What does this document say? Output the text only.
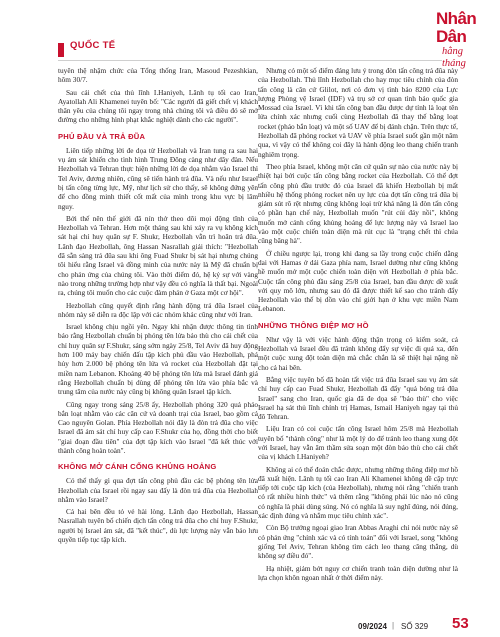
QUỐC TẾ

Nhân Dân
hằng tháng

tuyên thệ nhậm chức của Tổng thống Iran, Masoud Pezeshkian, hôm 30/7.

Sau cái chết của thủ lĩnh I.Haniyeh, Lãnh tụ tối cao Iran, Ayatollah Ali Khamenei tuyên bố: "Các người đã giết chết vị khách thân yêu của chúng tôi ngay trong nhà chúng tôi và điều đó sẽ mở đường cho những hình phạt khắc nghiệt dành cho các người".

PHỦ ĐẦU VÀ TRẢ ĐŨA

Liên tiếp những lời đe dọa từ Hezbollah và Iran tung ra sau hai vụ ám sát khiến cho tình hình Trung Đông càng như dây đàn. Nếu Hezbollah và Tehran thực hiện những lời đe dọa nhằm vào Israel thì Tel Aviv, đương nhiên, cũng sẽ tiến hành trả đũa. Và nếu như Israel bị tấn công từng lực, Mỹ, như lịch sử cho thấy, sẽ không đứng yên để cho đồng minh thiết cốt mất của mình trong khu vực bị lâm nguy.

Bởi thế nên thế giới đã nín thở theo dõi mọi động tĩnh của Hezbollah và Tehran. Hơn một tháng sau khi xảy ra vụ không kích sát hại chỉ huy quân sự F. Shukr, Hezbollah vẫn trì hoãn trả đũa. Lãnh đạo Hezbollah, ông Hassan Nasrallah giải thích: "Hezbollah đã sẵn sàng trả đũa sau khi ông Fuad Shukr bị sát hại nhưng chúng tôi hiểu rằng Israel và đồng minh của nước này là Mỹ đã chuẩn bị cho phản ứng của chúng tôi. Vào thời điểm đó, hệ kỷ sự với vàng nào trong những trường hợp như vậy đều có nghĩa là thất bại. Ngoài ra, chúng tôi muốn cho các cuộc đàm phán ở Gaza một cơ hội".

Hezbollah cũng quyết định rằng hành động trả đũa Israel của nhóm này sẽ diễn ra độc lập với các nhóm khác cũng như với Iran.

Israel không chịu ngồi yên. Ngay khi nhận được thông tin tình báo rằng Hezbollah chuẩn bị phóng tên lửa bảo thù cho cái chết của chỉ huy quân sự F.Shukr, sáng sớm ngày 25/8, Tel Aviv đã huy động hơn 100 máy bay chiến đấu tập kích phủ đầu vào Hezbollah, phá hủy hơn 2.000 bệ phóng tên lửa và rocket của Hezbollah đặt tại miền nam Lebanon. Khoảng 40 bệ phóng tên lửa mà Israel đánh giá rằng Hezbollah chuẩn bị dùng để phóng tên lửa vào phía bắc và trung tâm của nước này cũng bị không quân Israel tập kích.

Cũng ngay trong sáng 25/8 ấy, Hezbollah phóng 320 quả pháo bắn loạt nhằm vào các căn cứ và doanh trại của Israel, bao gồm cả Cao nguyên Golan. Phía Hezbollah nói đây là đòn trả đũa cho việc Israel đã ám sát chỉ huy cấp cao F.Shukr của họ, đồng thời cho biết "giai đoạn đầu tiên" của đợt tập kích vào Israel "đã kết thúc với thành công hoàn toàn".

KHÔNG MỞ CÁNH CỔNG KHỦNG HOẢNG

Có thể thấy gì qua đợt tấn công phủ đầu các bệ phóng tên lửa Hezbollah của Israel rồi ngay sau đấy là đòn trả đũa của Hezbollah nhằm vào Israel?

Cả hai bên đều tỏ vẻ hài lòng. Lãnh đạo Hezbollah, Hassan Nasrallah tuyên bố chiến dịch tấn công trả đũa cho chỉ huy F.Shukr, người bị Israel ám sát, đã "kết thúc", dù lực lượng này vẫn bảo lưu quyền tiếp tục tập kích.

Nhưng có một số điểm đáng lưu ý trong đòn tấn công trả đũa này của Hezbollah. Thủ lĩnh Hezbollah cho hay mục tiêu chính của đòn tấn công là căn cứ Glilot, nơi có đơn vị tình báo 8200 của Lực lượng Phòng vệ Israel (IDF) và trụ sở cơ quan tình báo quốc gia Mossad của Israel. Vì khi tấn công ban đầu được dự tính là loạt tên lửa chính xác nhưng cuối cùng Hezbollah đã thay thế bằng loạt rocket (pháo bắn loạt) và một số UAV để bị đánh chặn. Trên thực tế, Hezbollah đã phóng rocket và UAV về phía Israel suốt gần một năm qua, vì vậy có thể không coi đây là hành động leo thang chiến tranh nghiêm trọng.

Theo phía Israel, không một căn cứ quân sự nào của nước này bị thiệt hại bởi cuộc tấn công bằng rocket của Hezbollah. Có thể đợt tấn công phủ đầu trước đó của Israel đã khiến Hezbollah bị mất nhiều hệ thống phóng rocket nên uy lực của đợt tấn công trả đũa bị giảm sút rõ rệt nhưng cũng không loại trừ khả năng là đòn tấn công có phần hạn chế này, Hezbollah muốn "rút củi đáy nồi", không muốn mở cánh cổng khủng hoảng để lực lượng này và Israel lao vào một cuộc chiến toàn diện mà rút cục là "trạng chết thì chúa cũng băng hà".

Ở chiều ngược lại, trong khi đang sa lầy trong cuộc chiến dằng dai với Hamas ở dải Gaza phía nam, Israel dường như cũng không hề muốn mở một cuộc chiến toàn diện với Hezbollah ở phía bắc. Cuộc tấn công phủ đầu sáng 25/8 của Israel, ban đầu được dề xuất với quy mô lớn, nhưng sau đó đã được thiết kế sao cho tránh đẩy Hezbollah vào thế bị dồn vào chỉ giới hạn ở khu vực miền Nam Lebanon.

NHỮNG THÔNG ĐIỆP MƠ HỒ

Như vậy là với việc hành động thận trọng có kiểm soát, cả Hezbollah và Israel đều đã tránh không đẩy sự việc đi quá xa, đến một cuộc xung đột toàn diện mà chắc chắn là sẽ thiệt hại nặng nề cho cả hai bên.

Bằng việc tuyên bố đã hoàn tất việc trả đũa Israel sau vụ ám sát chỉ huy cấp cao Fuad Shukr, Hezbollah đã đẩy "quả bóng trả đũa Israel" sang cho Iran, quốc gia đã đe dọa sẽ "báo thù" cho việc Israel hạ sát thủ lĩnh chính trị Hamas, Ismail Haniyeh ngay tại thủ đô Tehran.

Liệu Iran có coi cuộc tấn công Israel hôm 25/8 mà Hezbollah tuyên bố "thành công" như là một lý do để tránh leo thang xung đột với Israel, hay vẫn âm thầm sửa soạn một đòn báo thù cho cái chết của vị khách I.Haniyeh?

Không ai có thể đoán chắc được, nhưng những thông điệp mơ hồ đã xuất hiện. Lãnh tụ tối cao Iran Ali Khamenei không đề cập trực tiếp tới cuộc tập kích (của Hezbollah), nhưng nói rằng "chiến tranh có rất nhiều hình thức" và thêm rằng "không phải lúc nào nó cũng có nghĩa là phải dùng súng. Nó có nghĩa là suy nghĩ đúng, nói đúng, xác định đúng và nhắm mục tiêu chính xác".

Còn Bộ trưởng ngoại giao Iran Abbas Araghi chỉ nói nước này sẽ có phản ứng "chính xác và có tính toán" đối với Israel, song "không giống Tel Aviv, Tehran không tìm cách leo thang căng thẳng, dù không sợ điều đó".

Hạ nhiệt, giảm bớt nguy cơ chiến tranh toàn diện dường như là lựa chọn khôn ngoan nhất ở thời điểm này.

09/2024 | SỐ 329 53
